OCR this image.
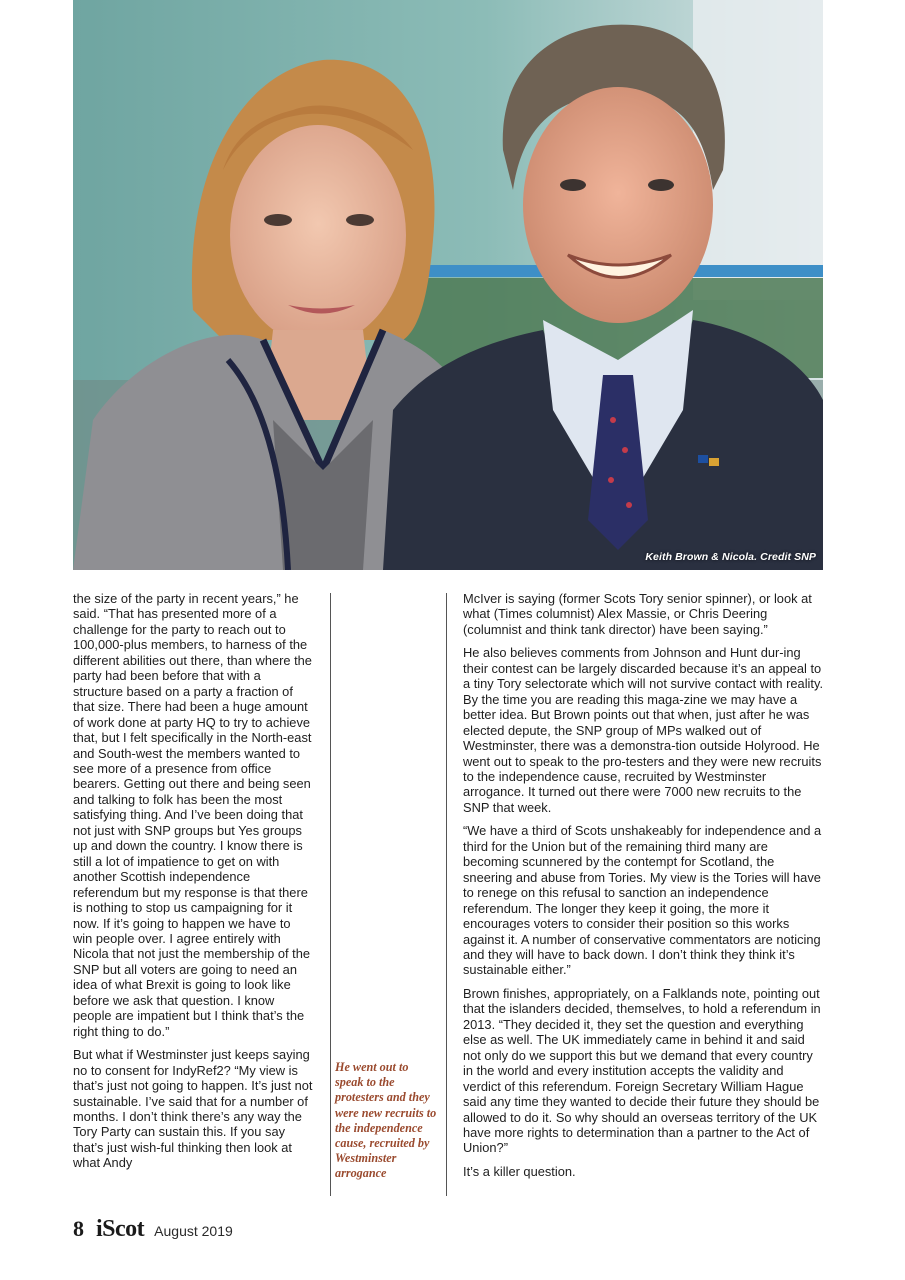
Keith Brown & Nicola. Credit SNP

the size of the party in recent years,” he said. “That has presented more of a challenge for the party to reach out to 100,000-plus members, to harness of the different abilities out there, than where the party had been before that with a structure based on a party a fraction of that size. There had been a huge amount of work done at party HQ to try to achieve that, but I felt specifically in the North-east and South-west the members wanted to see more of a presence from office bearers. Getting out there and being seen and talking to folk has been the most satisfying thing. And I’ve been doing that not just with SNP groups but Yes groups up and down the country. I know there is still a lot of impatience to get on with another Scottish independence referendum but my response is that there is nothing to stop us campaigning for it now. If it’s going to happen we have to win people over. I agree entirely with Nicola that not just the membership of the SNP but all voters are going to need an idea of what Brexit is going to look like before we ask that question. I know people are impatient but I think that’s the right thing to do.”

But what if Westminster just keeps saying no to consent for IndyRef2? “My view is that’s just not going to happen. It’s just not sustainable. I’ve said that for a number of months. I don’t think there’s any way the Tory Party can sustain this. If you say that’s just wish-ful thinking then look at what Andy

He went out to speak to the protesters and they were new recruits to the independence cause, recruited by Westminster arrogance

McIver is saying (former Scots Tory senior spinner), or look at what (Times columnist) Alex Massie, or Chris Deering (columnist and think tank director) have been saying.”

He also believes comments from Johnson and Hunt dur-ing their contest can be largely discarded because it’s an appeal to a tiny Tory selectorate which will not survive contact with reality. By the time you are reading this maga-zine we may have a better idea. But Brown points out that when, just after he was elected depute, the SNP group of MPs walked out of Westminster, there was a demonstra-tion outside Holyrood. He went out to speak to the pro-testers and they were new recruits to the independence cause, recruited by Westminster arrogance. It turned out there were 7000 new recruits to the SNP that week.

“We have a third of Scots unshakeably for independence and a third for the Union but of the remaining third many are becoming scunnered by the contempt for Scotland, the sneering and abuse from Tories. My view is the Tories will have to renege on this refusal to sanction an independence referendum. The longer they keep it going, the more it encourages voters to consider their position so this works against it. A number of conservative commentators are noticing and they will have to back down. I don’t think they think it’s sustainable either.”

Brown finishes, appropriately, on a Falklands note, pointing out that the islanders decided, themselves, to hold a referendum in 2013. “They decided it, they set the question and everything else as well. The UK immediately came in behind it and said not only do we support this but we demand that every country in the world and every institution accepts the validity and verdict of this referendum. Foreign Secretary William Hague said any time they wanted to decide their future they should be allowed to do it. So why should an overseas territory of the UK have more rights to determination than a partner to the Act of Union?”

It’s a killer question.

8 iScot August 2019
